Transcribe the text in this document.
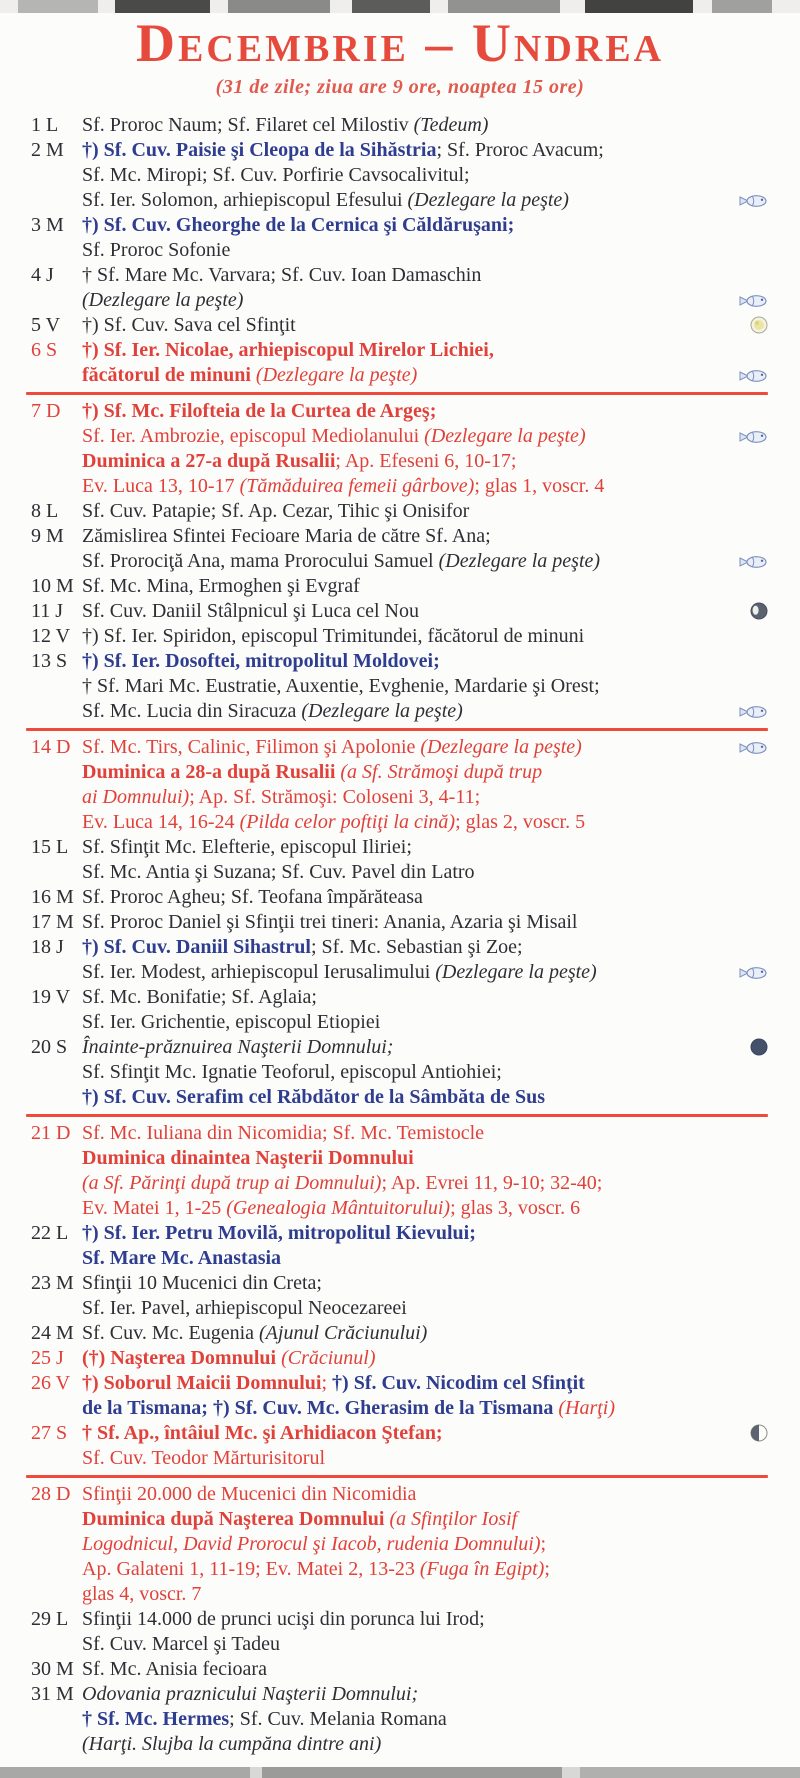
Decembrie – Undrea
(31 de zile; ziua are 9 ore, noaptea 15 ore)
1 L	Sf. Proroc Naum; Sf. Filaret cel Milostiv (Tedeum)
2 M †) Sf. Cuv. Paisie şi Cleopa de la Sihăstria; Sf. Proroc Avacum;
Sf. Mc. Miropi; Sf. Cuv. Porfirie Cavsocalivitul;
Sf. Ier. Solomon, arhiepiscopul Efesului (Dezlegare la peşte)
3 M †) Sf. Cuv. Gheorghe de la Cernica şi Căldăruşani;
Sf. Proroc Sofonie
4 J	† Sf. Mare Mc. Varvara; Sf. Cuv. Ioan Damaschin
(Dezlegare la peşte)
5 V	†) Sf. Cuv. Sava cel Sfinţit
6 S	†) Sf. Ier. Nicolae, arhiepiscopul Mirelor Lichiei,
făcătorul de minuni (Dezlegare la peşte)
7 D	†) Sf. Mc. Filofteia de la Curtea de Argeş;
Sf. Ier. Ambrozie, episcopul Mediolanului (Dezlegare la peşte)
Duminica a 27-a după Rusalii; Ap. Efeseni 6, 10-17;
Ev. Luca 13, 10-17 (Tămăduirea femeii gârbove); glas 1, voscr. 4
8 L	Sf. Cuv. Patapie; Sf. Ap. Cezar, Tihic şi Onisifor
9 M Zămislirea Sfintei Fecioare Maria de către Sf. Ana;
Sf. Prorociţă Ana, mama Prorocului Samuel (Dezlegare la peşte)
10 M Sf. Mc. Mina, Ermoghen şi Evgraf
11 J Sf. Cuv. Daniil Stâlpnicul şi Luca cel Nou
12 V †) Sf. Ier. Spiridon, episcopul Trimitundei, făcătorul de minuni
13 S †) Sf. Ier. Dosoftei, mitropolitul Moldovei;
† Sf. Mari Mc. Eustratie, Auxentie, Evghenie, Mardarie şi Orest;
Sf. Mc. Lucia din Siracuza (Dezlegare la peşte)
14 D Sf. Mc. Tirs, Calinic, Filimon şi Apolonie (Dezlegare la peşte)
Duminica a 28-a după Rusalii (a Sf. Strămoşi după trup
ai Domnului); Ap. Sf. Strămoşi: Coloseni 3, 4-11;
Ev. Luca 14, 16-24 (Pilda celor poftiţi la cină); glas 2, voscr. 5
15 L Sf. Sfinţit Mc. Elefterie, episcopul Iliriei;
Sf. Mc. Antia şi Suzana; Sf. Cuv. Pavel din Latro
16 M Sf. Proroc Agheu; Sf. Teofana împărăteasa
17 M Sf. Proroc Daniel şi Sfinţii trei tineri: Anania, Azaria şi Misail
18 J †) Sf. Cuv. Daniil Sihastrul; Sf. Mc. Sebastian şi Zoe;
Sf. Ier. Modest, arhiepiscopul Ierusalimului (Dezlegare la peşte)
19 V Sf. Mc. Bonifatie; Sf. Aglaia;
Sf. Ier. Grichentie, episcopul Etiopiei
20 S Înainte-prăznuirea Naşterii Domnului;
Sf. Sfinţit Mc. Ignatie Teoforul, episcopul Antiohiei;
†) Sf. Cuv. Serafim cel Răbdător de la Sâmbăta de Sus
21 D Sf. Mc. Iuliana din Nicomidia; Sf. Mc. Temistocle
Duminica dinaintea Naşterii Domnului
(a Sf. Părinţi după trup ai Domnului); Ap. Evrei 11, 9-10; 32-40;
Ev. Matei 1, 1-25 (Genealogia Mântuitorului); glas 3, voscr. 6
22 L †) Sf. Ier. Petru Movilă, mitropolitul Kievului;
Sf. Mare Mc. Anastasia
23 M Sfinţii 10 Mucenici din Creta;
Sf. Ier. Pavel, arhiepiscopul Neocezareei
24 M Sf. Cuv. Mc. Eugenia (Ajunul Crăciunului)
25 J (†) Naşterea Domnului (Crăciunul)
26 V †) Soborul Maicii Domnului; †) Sf. Cuv. Nicodim cel Sfinţit
de la Tismana; †) Sf. Cuv. Mc. Gherasim de la Tismana (Harţi)
27 S † Sf. Ap., întâiul Mc. şi Arhidiacon Ştefan;
Sf. Cuv. Teodor Mărturisitorul
28 D Sfinţii 20.000 de Mucenici din Nicomidia
Duminica după Naşterea Domnului (a Sfinţilor Iosif
Logodnicul, David Prorocul şi Iacob, rudenia Domnului);
Ap. Galateni 1, 11-19; Ev. Matei 2, 13-23 (Fuga în Egipt);
glas 4, voscr. 7
29 L Sfinţii 14.000 de prunci ucişi din porunca lui Irod;
Sf. Cuv. Marcel şi Tadeu
30 M Sf. Mc. Anisia fecioara
31 M Odovania praznicului Naşterii Domnului;
† Sf. Mc. Hermes; Sf. Cuv. Melania Romana
(Harţi. Slujba la cumpăna dintre ani)
